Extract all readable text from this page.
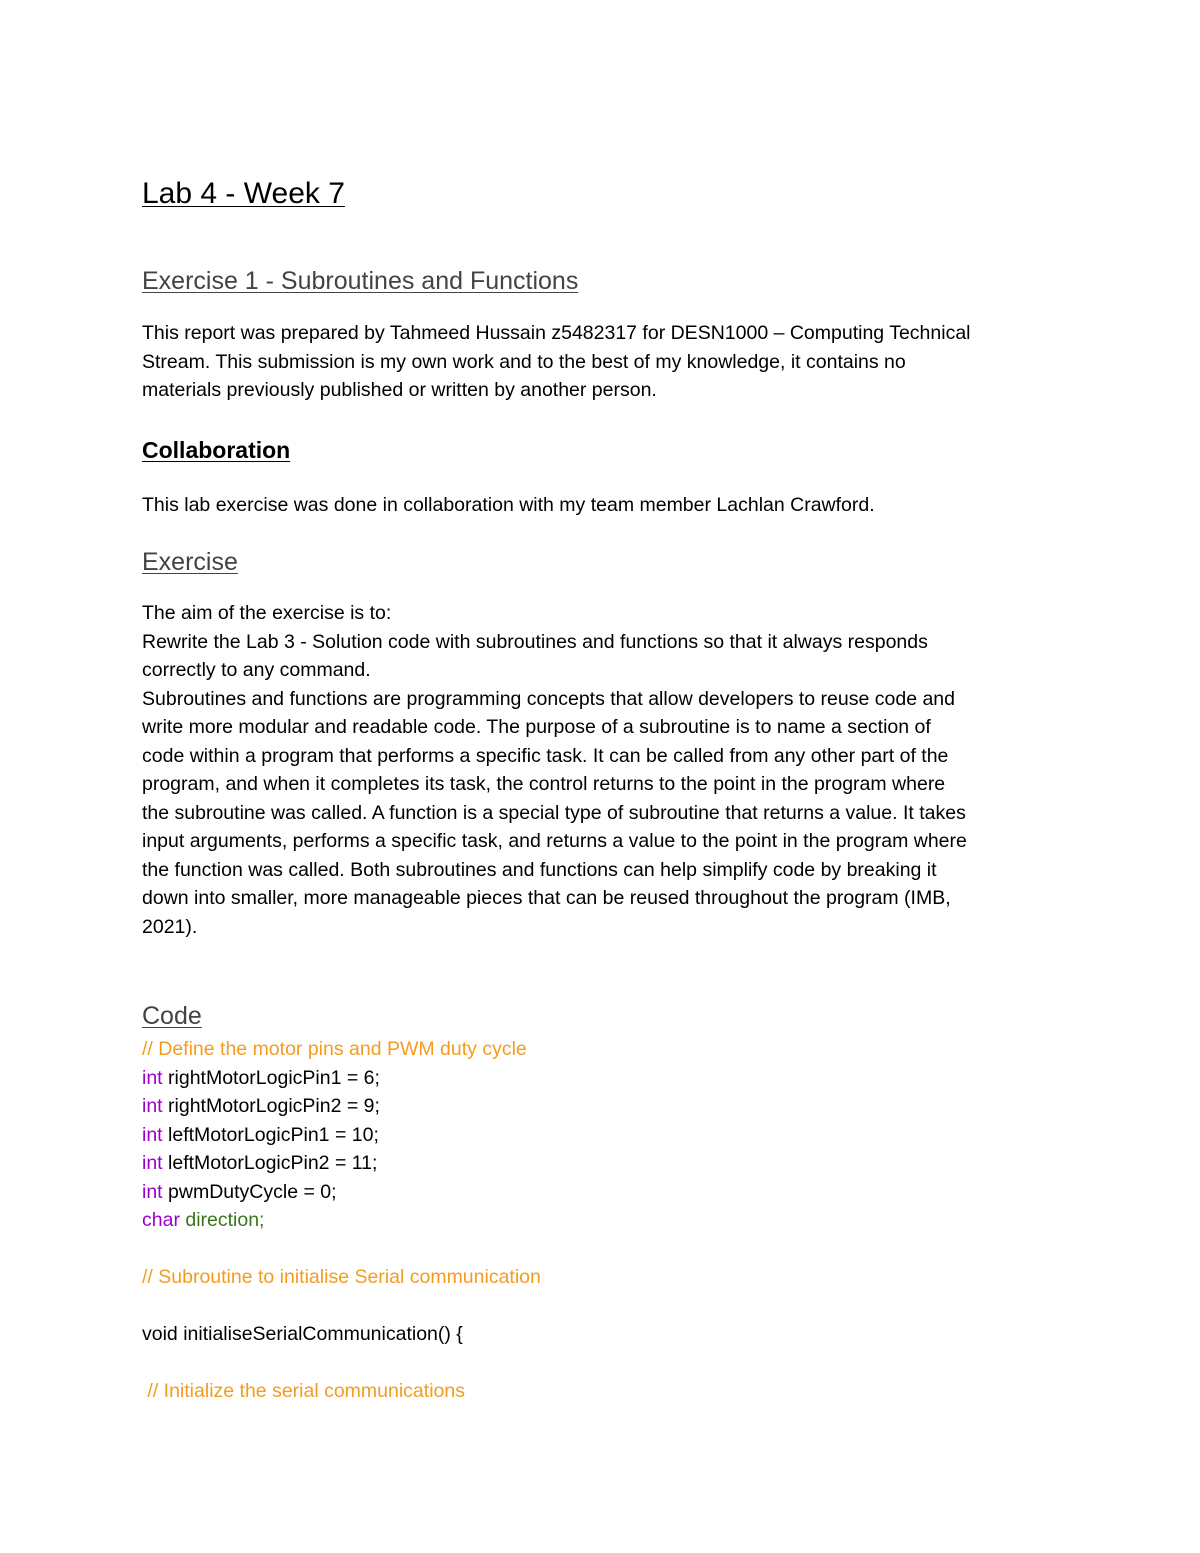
Lab 4 - Week 7
Exercise 1 - Subroutines and Functions

This report was prepared by Tahmeed Hussain z5482317 for DESN1000 – Computing Technical

Stream. This submission is my own work and to the best of my knowledge, it contains no

materials previously published or written by another person.

Collaboration

This lab exercise was done in collaboration with my team member Lachlan Crawford.

Exercise

The aim of the exercise is to:

Rewrite the Lab 3 - Solution code with subroutines and functions so that it always responds

correctly to any command.

Subroutines and functions are programming concepts that allow developers to reuse code and

write more modular and readable code. The purpose of a subroutine is to name a section of

code within a program that performs a specific task. It can be called from any other part of the

program, and when it completes its task, the control returns to the point in the program where

the subroutine was called. A function is a special type of subroutine that returns a value. It takes

input arguments, performs a specific task, and returns a value to the point in the program where

the function was called. Both subroutines and functions can help simplify code by breaking it

down into smaller, more manageable pieces that can be reused throughout the program (IMB,

2021).

Code
// Define the motor pins and PWM duty cycle
int rightMotorLogicPin1 = 6;
int rightMotorLogicPin2 = 9;
int leftMotorLogicPin1 = 10;
int leftMotorLogicPin2 = 11;
int pwmDutyCycle = 0;
char direction;
// Subroutine to initialise Serial communication
void initialiseSerialCommunication() {
// Initialize the serial communications
